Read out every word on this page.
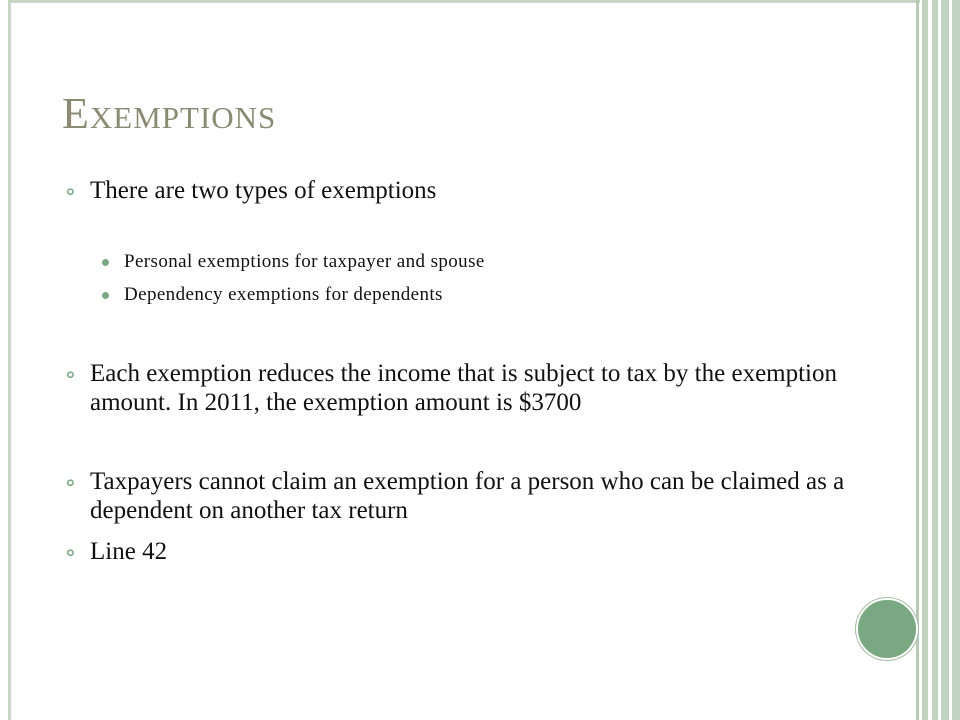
Exemptions
⚬ There are two types of exemptions
Personal exemptions for taxpayer and spouse
Dependency exemptions for dependents
⚬ Each exemption reduces the income that is subject to tax by the exemption amount. In 2011, the exemption amount is $3700
⚬ Taxpayers cannot claim an exemption for a person who can be claimed as a dependent on another tax return
⚬ Line 42
